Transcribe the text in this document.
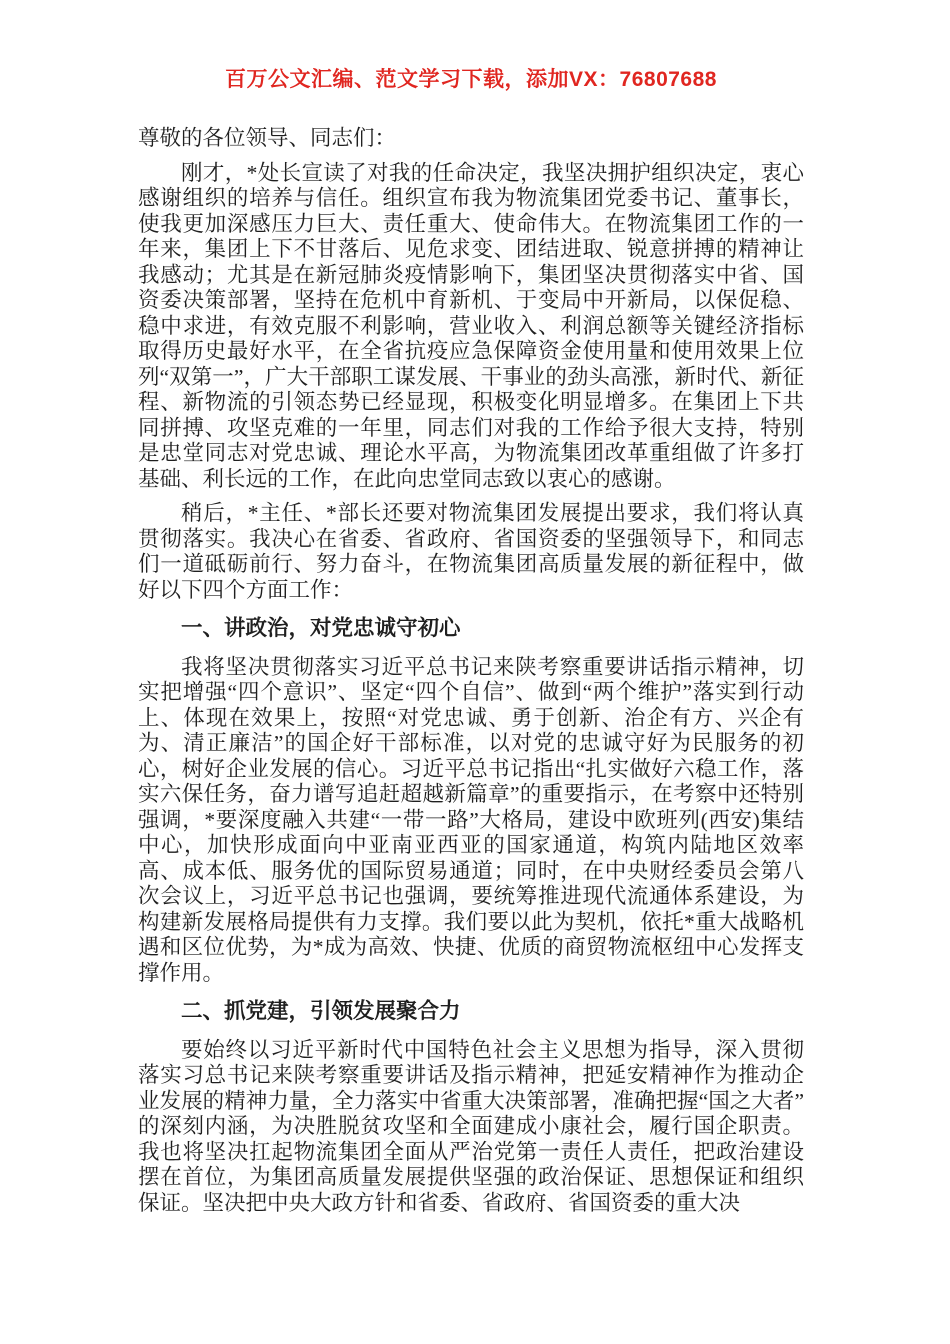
百万公文汇编、范文学习下载，添加VX：76807688

尊敬的各位领导、同志们：

刚才，*处长宣读了对我的任命决定，我坚决拥护组织决定，衷心感谢组织的培养与信任。组织宣布我为物流集团党委书记、董事长，使我更加深感压力巨大、责任重大、使命伟大。在物流集团工作的一年来，集团上下不甘落后、见危求变、团结进取、锐意拼搏的精神让我感动；尤其是在新冠肺炎疫情影响下，集团坚决贯彻落实中省、国资委决策部署，坚持在危机中育新机、于变局中开新局，以保促稳、稳中求进，有效克服不利影响，营业收入、利润总额等关键经济指标取得历史最好水平，在全省抗疫应急保障资金使用量和使用效果上位列“双第一”，广大干部职工谋发展、干事业的劲头高涨，新时代、新征程、新物流的引领态势已经显现，积极变化明显增多。在集团上下共同拼搏、攻坚克难的一年里，同志们对我的工作给予很大支持，特别是忠堂同志对党忠诚、理论水平高，为物流集团改革重组做了许多打基础、利长远的工作，在此向忠堂同志致以衷心的感谢。

稍后，*主任、*部长还要对物流集团发展提出要求，我们将认真贯彻落实。我决心在省委、省政府、省国资委的坚强领导下，和同志们一道砥砺前行、努力奋斗，在物流集团高质量发展的新征程中，做好以下四个方面工作：

一、讲政治，对党忠诚守初心

我将坚决贯彻落实习近平总书记来陕考察重要讲话指示精神，切实把增强“四个意识”、坚定“四个自信”、做到“两个维护”落实到行动上、体现在效果上，按照“对党忠诚、勇于创新、治企有方、兴企有为、清正廉洁”的国企好干部标准，以对党的忠诚守好为民服务的初心，树好企业发展的信心。习近平总书记指出“扎实做好六稳工作，落实六保任务，奋力谱写追赶超越新篇章”的重要指示，在考察中还特别强调，*要深度融入共建“一带一路”大格局，建设中欧班列(西安)集结中心，加快形成面向中亚南亚西亚的国家通道，构筑内陆地区效率高、成本低、服务优的国际贸易通道；同时，在中央财经委员会第八次会议上，习近平总书记也强调，要统筹推进现代流通体系建设，为构建新发展格局提供有力支撑。我们要以此为契机，依托*重大战略机遇和区位优势，为*成为高效、快捷、优质的商贸物流枢纽中心发挥支撑作用。

二、抓党建，引领发展聚合力

要始终以习近平新时代中国特色社会主义思想为指导，深入贯彻落实习总书记来陕考察重要讲话及指示精神，把延安精神作为推动企业发展的精神力量，全力落实中省重大决策部署，准确把握“国之大者”的深刻内涵，为决胜脱贫攻坚和全面建成小康社会，履行国企职责。我也将坚决扛起物流集团全面从严治党第一责任人责任，把政治建设摆在首位，为集团高质量发展提供坚强的政治保证、思想保证和组织保证。坚决把中央大政方针和省委、省政府、省国资委的重大决
